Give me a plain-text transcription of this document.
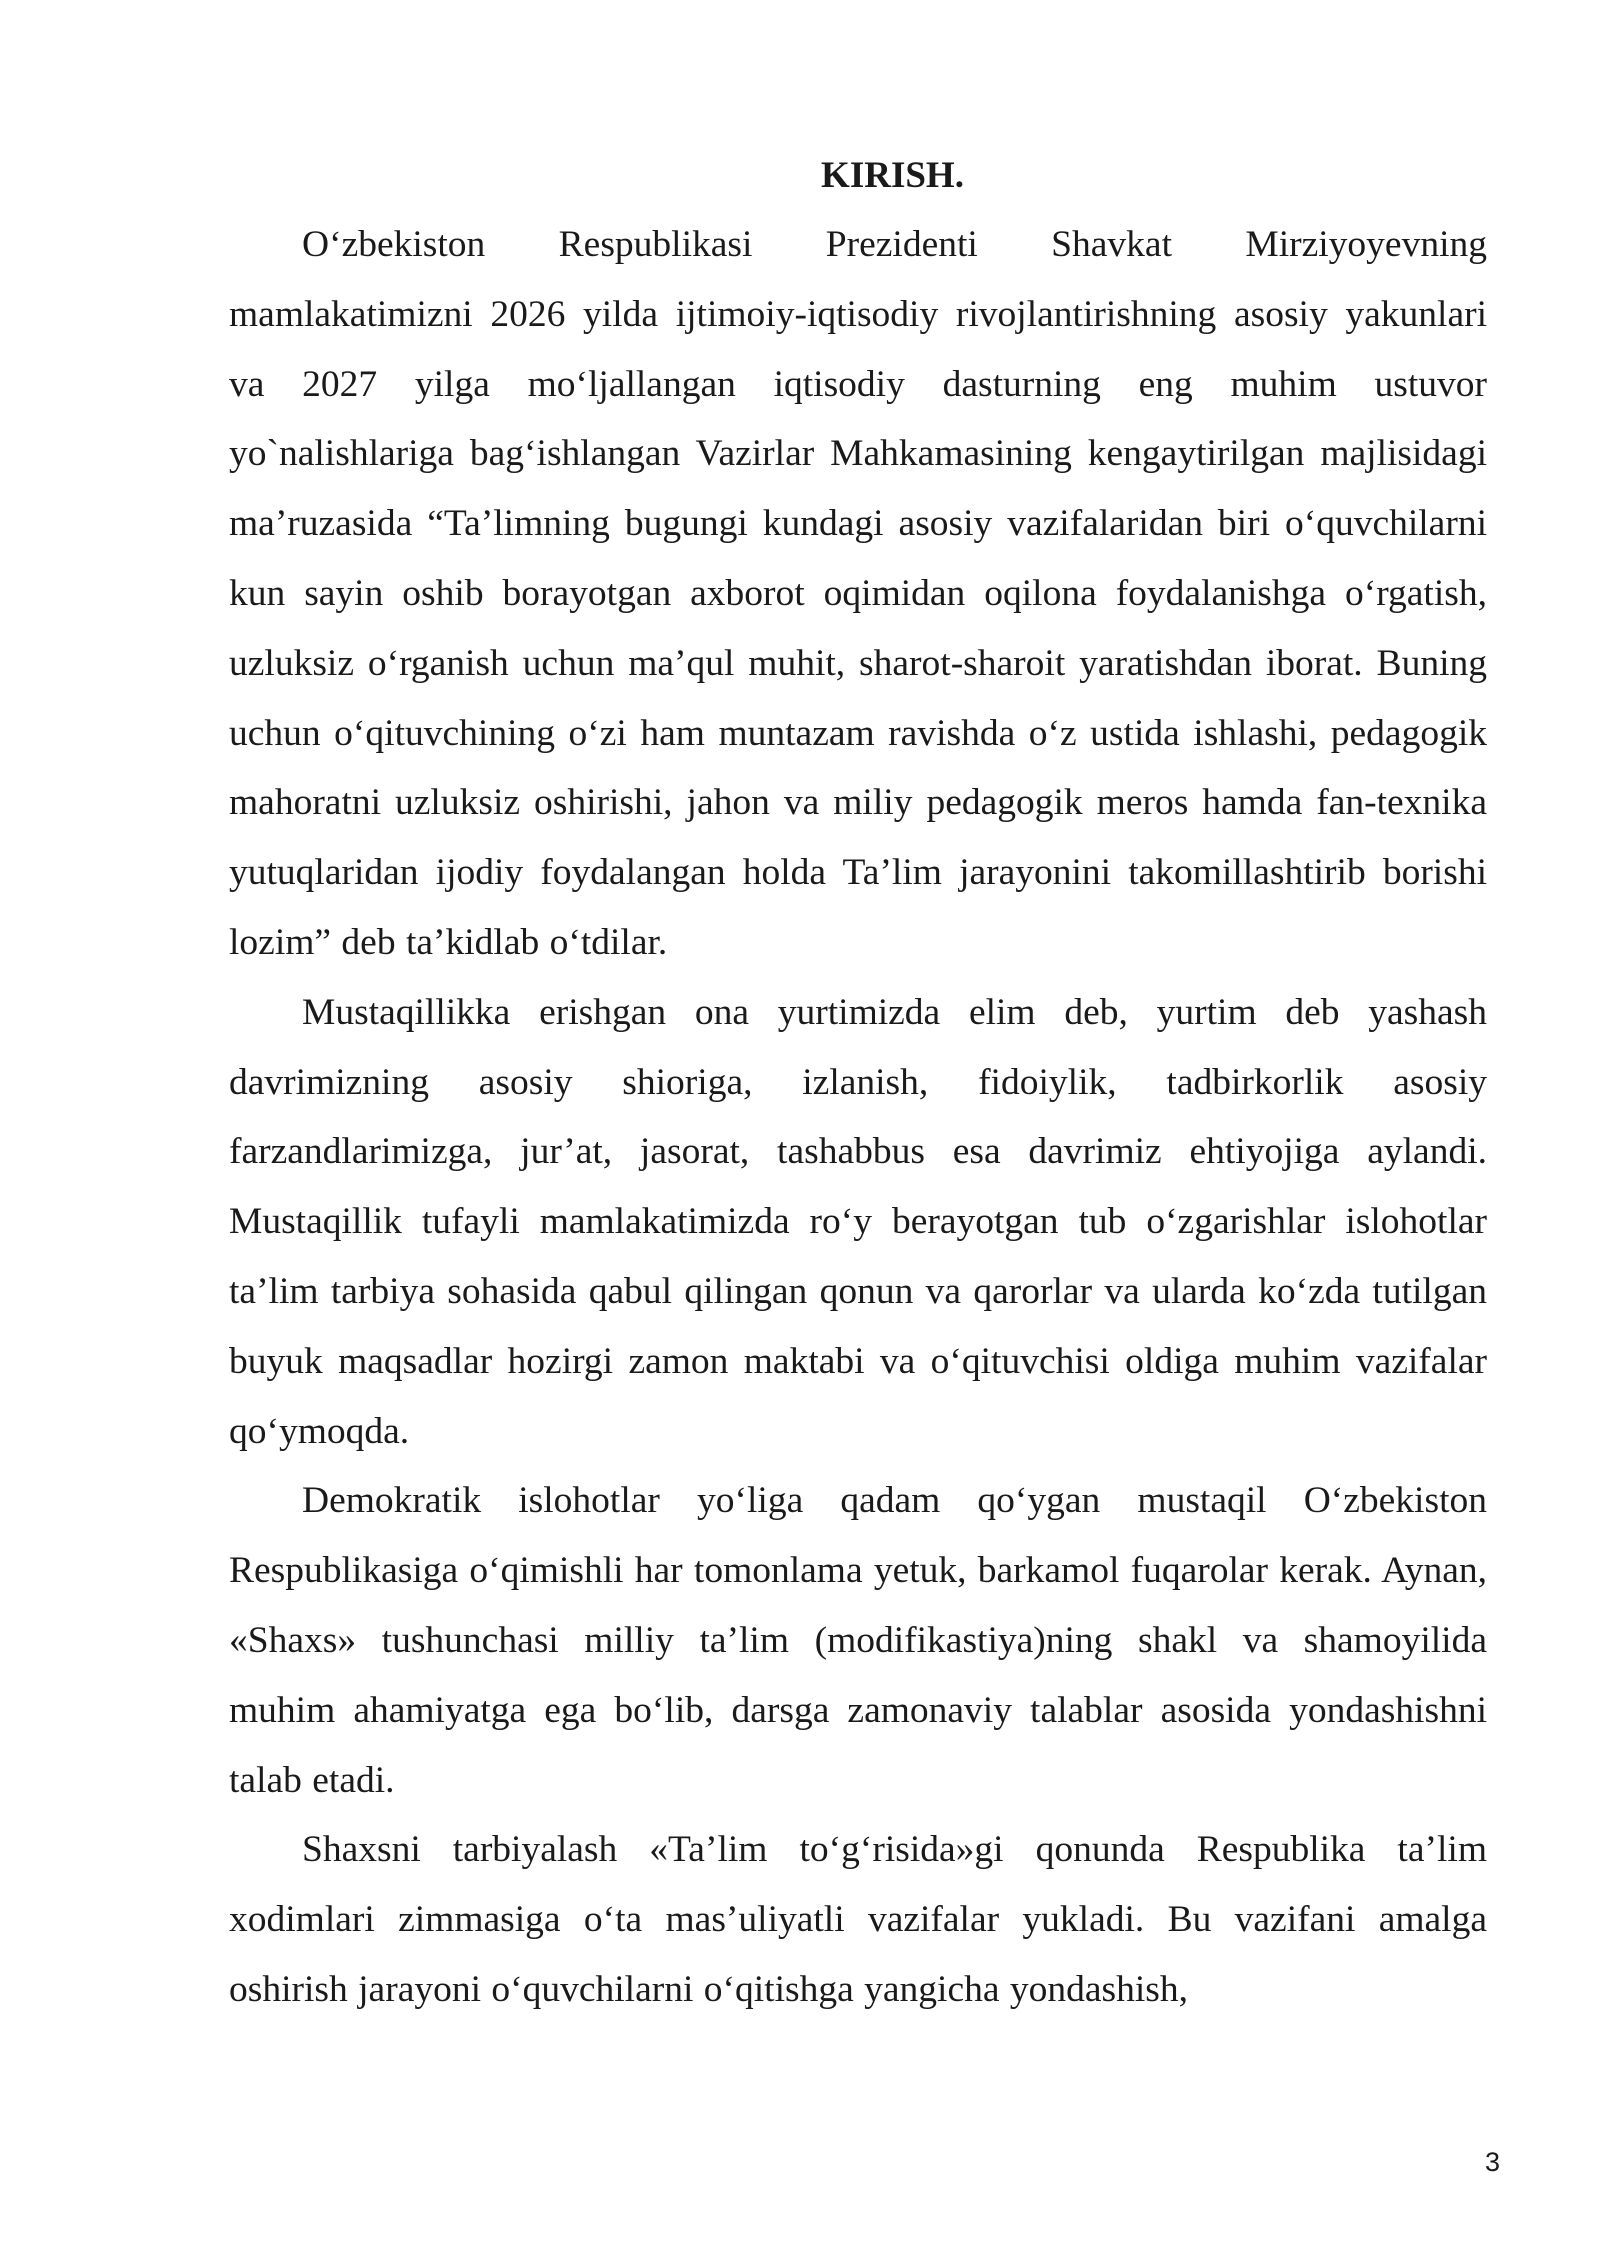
KIRISH.

O‘zbekiston Respublikasi Prezidenti Shavkat Mirziyoyevning mamlakatimizni 2026 yilda ijtimoiy-iqtisodiy rivojlantirishning asosiy yakunlari va 2027 yilga mo‘ljallangan iqtisodiy dasturning eng muhim ustuvor yo`nalishlariga bag‘ishlangan Vazirlar Mahkamasining kengaytirilgan majlisidagi ma’ruzasida “Ta’limning bugungi kundagi asosiy vazifalaridan biri o‘quvchilarni kun sayin oshib borayotgan axborot oqimidan oqilona foydalanishga o‘rgatish, uzluksiz o‘rganish uchun ma’qul muhit, sharot-sharoit yaratishdan iborat. Buning uchun o‘qituvchining o‘zi ham muntazam ravishda o‘z ustida ishlashi, pedagogik mahoratni uzluksiz oshirishi, jahon va miliy pedagogik meros hamda fan-texnika yutuqlaridan ijodiy foydalangan holda Ta’lim jarayonini takomillashtirib borishi lozim” deb ta’kidlab o‘tdilar.

Mustaqillikka erishgan ona yurtimizda elim deb, yurtim deb yashash davrimizning asosiy shioriga, izlanish, fidoiylik, tadbirkorlik asosiy farzandlarimizga, jur’at, jasorat, tashabbus esa davrimiz ehtiyojiga aylandi. Mustaqillik tufayli mamlakatimizda ro‘y berayotgan tub o‘zgarishlar islohotlar ta’lim tarbiya sohasida qabul qilingan qonun va qarorlar va ularda ko‘zda tutilgan buyuk maqsadlar hozirgi zamon maktabi va o‘qituvchisi oldiga muhim vazifalar qo‘ymoqda.

Demokratik islohotlar yo‘liga qadam qo‘ygan mustaqil O‘zbekiston Respublikasiga o‘qimishli har tomonlama yetuk, barkamol fuqarolar kerak. Aynan, «Shaxs» tushunchasi milliy ta’lim (modifikastiya)ning shakl va shamoyilida muhim ahamiyatga ega bo‘lib, darsga zamonaviy talablar asosida yondashishni talab etadi.

Shaxsni tarbiyalash «Ta’lim to‘g‘risida»gi qonunda Respublika ta’lim xodimlari zimmasiga o‘ta mas’uliyatli vazifalar yukladi. Bu vazifani amalga oshirish jarayoni o‘quvchilarni o‘qitishga yangicha yondashish,

3
